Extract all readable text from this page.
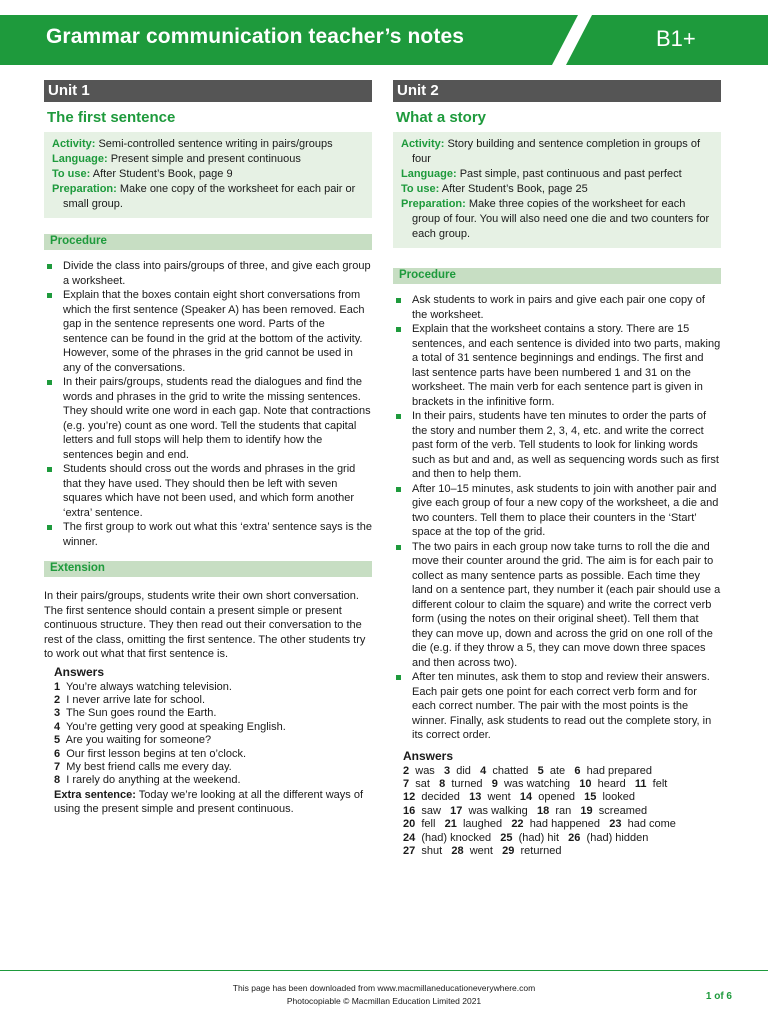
Grammar communication teacher’s notes	B1+
Unit 1
The first sentence

Activity: Semi-controlled sentence writing in pairs/groups

Language: Present simple and present continuous

To use: After Student’s Book, page 9

Preparation: Make one copy of the worksheet for each pair or small group.

Procedure
Divide the class into pairs/groups of three, and give each group a worksheet.
Explain that the boxes contain eight short conversations from which the first sentence (Speaker A) has been removed. Each gap in the sentence represents one word. Parts of the sentence can be found in the grid at the bottom of the activity. However, some of the phrases in the grid cannot be used in any of the conversations.
In their pairs/groups, students read the dialogues and find the words and phrases in the grid to write the missing sentences. They should write one word in each gap. Note that contractions (e.g. you’re) count as one word. Tell the students that capital letters and full stops will help them to identify how the sentences begin and end.
Students should cross out the words and phrases in the grid that they have used. They should then be left with seven squares which have not been used, and which form another ‘extra’ sentence.
The first group to work out what this ‘extra’ sentence says is the winner.
Extension
In their pairs/groups, students write their own short conversation. The first sentence should contain a present simple or present continuous structure. They then read out their conversation to the rest of the class, omitting the first sentence. The other students try to work out what that first sentence is.
Answers
1 You’re always watching television.
2 I never arrive late for school.
3 The Sun goes round the Earth.
4 You’re getting very good at speaking English.
5 Are you waiting for someone?
6 Our first lesson begins at ten o’clock.
7 My best friend calls me every day.
8 I rarely do anything at the weekend.
Extra sentence: Today we’re looking at all the different ways of using the present simple and present continuous.
Unit 2
What a story

Activity: Story building and sentence completion in groups of four

Language: Past simple, past continuous and past perfect

To use: After Student’s Book, page 25

Preparation: Make three copies of the worksheet for each group of four. You will also need one die and two counters for each group.

Procedure
Ask students to work in pairs and give each pair one copy of the worksheet.
Explain that the worksheet contains a story. There are 15 sentences, and each sentence is divided into two parts, making a total of 31 sentence beginnings and endings. The first and last sentence parts have been numbered 1 and 31 on the worksheet. The main verb for each sentence part is given in brackets in the infinitive form.
In their pairs, students have ten minutes to order the parts of the story and number them 2, 3, 4, etc. and write the correct past form of the verb. Tell students to look for linking words such as but and and, as well as sequencing words such as first and then to help them.
After 10–15 minutes, ask students to join with another pair and give each group of four a new copy of the worksheet, a die and two counters. Tell them to place their counters in the ‘Start’ space at the top of the grid.
The two pairs in each group now take turns to roll the die and move their counter around the grid. The aim is for each pair to collect as many sentence parts as possible. Each time they land on a sentence part, they number it (each pair should use a different colour to claim the square) and write the correct verb form (using the notes on their original sheet). Tell them that they can move up, down and across the grid on one roll of the die (e.g. if they throw a 5, they can move down three spaces and then across two).
After ten minutes, ask them to stop and review their answers. Each pair gets one point for each correct verb form and for each correct number. The pair with the most points is the winner. Finally, ask students to read out the complete story, in its correct order.
Answers
2 was 3 did 4 chatted 5 ate 6 had prepared
7 sat 8 turned 9 was watching 10 heard 11 felt
12 decided 13 went 14 opened 15 looked
16 saw 17 was walking 18 ran 19 screamed
20 fell 21 laughed 22 had happened 23 had come
24 (had) knocked 25 (had) hit 26 (had) hidden
27 shut 28 went 29 returned
This page has been downloaded from www.macmillaneducationeverywhere.com
Photocopiable © Macmillan Education Limited 2021	1 of 6
